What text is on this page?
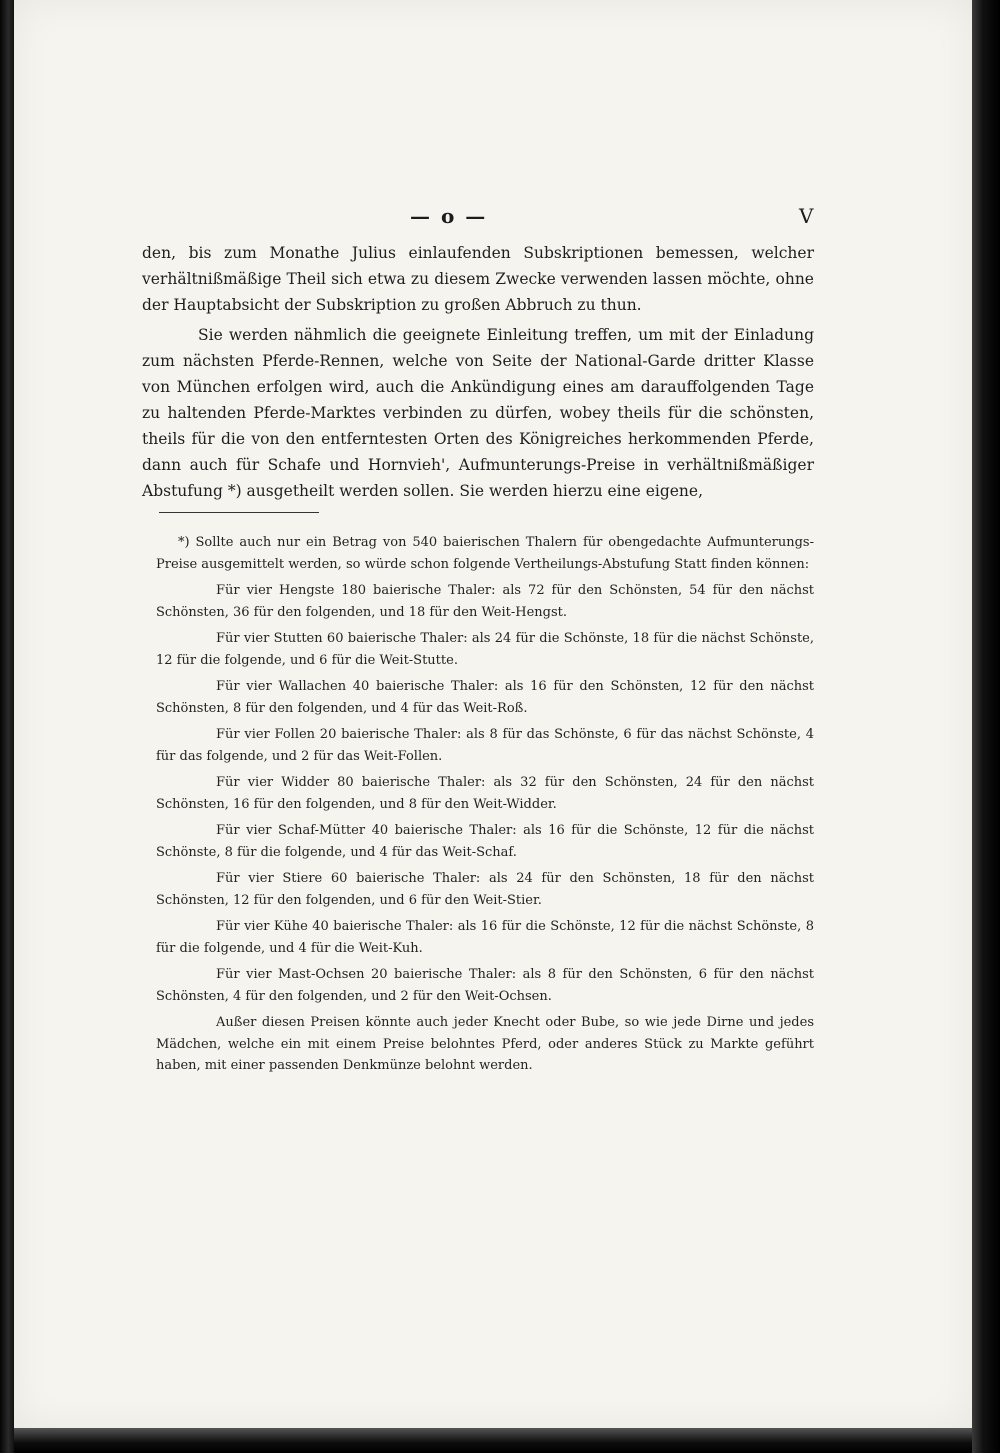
— o —	V

den, bis zum Monathe Julius einlaufenden Subskriptionen bemessen, welcher verhältnißmäßige Theil sich etwa zu diesem Zwecke verwenden lassen möchte, ohne der Hauptabsicht der Subskription zu großen Abbruch zu thun.

Sie werden nähmlich die geeignete Einleitung treffen, um mit der Einladung zum nächsten Pferde-Rennen, welche von Seite der National-Garde dritter Klasse von München erfolgen wird, auch die Ankündigung eines am darauffolgenden Tage zu haltenden Pferde-Marktes verbinden zu dürfen, wobey theils für die schönsten, theils für die von den entferntesten Orten des Königreiches herkommenden Pferde, dann auch für Schafe und Hornvieh', Aufmunterungs-Preise in verhältnißmäßiger Abstufung *) ausgetheilt werden sollen. Sie werden hierzu eine eigene,

*) Sollte auch nur ein Betrag von 540 baierischen Thalern für obengedachte Aufmunterungs-Preise ausgemittelt werden, so würde schon folgende Vertheilungs-Abstufung Statt finden können:

Für vier Hengste 180 baierische Thaler: als 72 für den Schönsten, 54 für den nächst Schönsten, 36 für den folgenden, und 18 für den Weit-Hengst.

Für vier Stutten 60 baierische Thaler: als 24 für die Schönste, 18 für die nächst Schönste, 12 für die folgende, und 6 für die Weit-Stutte.

Für vier Wallachen 40 baierische Thaler: als 16 für den Schönsten, 12 für den nächst Schönsten, 8 für den folgenden, und 4 für das Weit-Roß.

Für vier Follen 20 baierische Thaler: als 8 für das Schönste, 6 für das nächst Schönste, 4 für das folgende, und 2 für das Weit-Follen.

Für vier Widder 80 baierische Thaler: als 32 für den Schönsten, 24 für den nächst Schönsten, 16 für den folgenden, und 8 für den Weit-Widder.

Für vier Schaf-Mütter 40 baierische Thaler: als 16 für die Schönste, 12 für die nächst Schönste, 8 für die folgende, und 4 für das Weit-Schaf.

Für vier Stiere 60 baierische Thaler: als 24 für den Schönsten, 18 für den nächst Schönsten, 12 für den folgenden, und 6 für den Weit-Stier.

Für vier Kühe 40 baierische Thaler: als 16 für die Schönste, 12 für die nächst Schönste, 8 für die folgende, und 4 für die Weit-Kuh.

Für vier Mast-Ochsen 20 baierische Thaler: als 8 für den Schönsten, 6 für den nächst Schönsten, 4 für den folgenden, und 2 für den Weit-Ochsen.

Außer diesen Preisen könnte auch jeder Knecht oder Bube, so wie jede Dirne und jedes Mädchen, welche ein mit einem Preise belohntes Pferd, oder anderes Stück zu Markte geführt haben, mit einer passenden Denkmünze belohnt werden.
